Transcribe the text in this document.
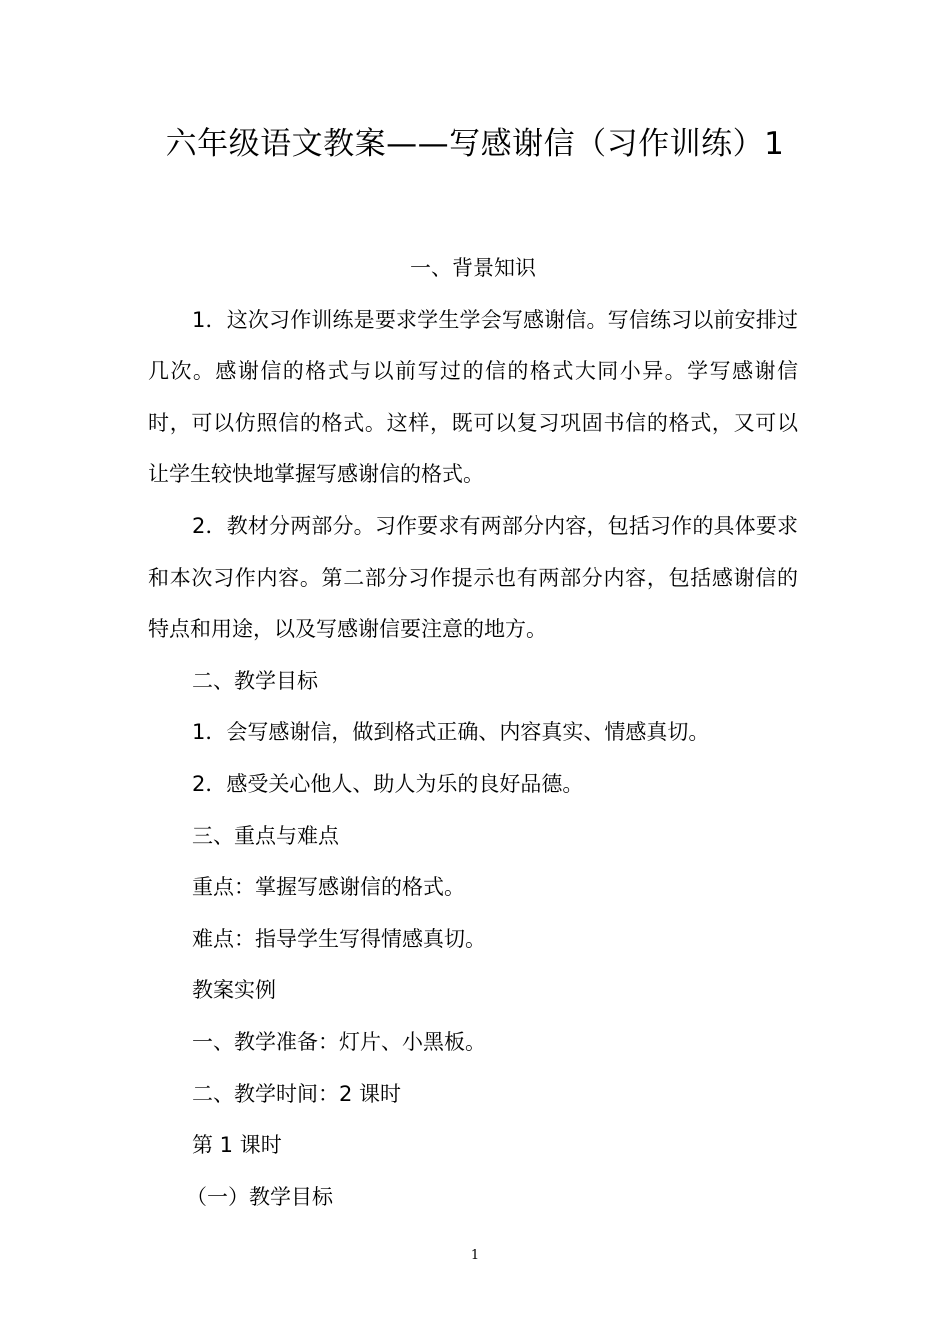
六年级语文教案——写感谢信（习作训练）1

一、背景知识

1．这次习作训练是要求学生学会写感谢信。写信练习以前安排过几次。感谢信的格式与以前写过的信的格式大同小异。学写感谢信时，可以仿照信的格式。这样，既可以复习巩固书信的格式，又可以让学生较快地掌握写感谢信的格式。

2．教材分两部分。习作要求有两部分内容，包括习作的具体要求和本次习作内容。第二部分习作提示也有两部分内容，包括感谢信的特点和用途，以及写感谢信要注意的地方。

二、教学目标

1．会写感谢信，做到格式正确、内容真实、情感真切。

2．感受关心他人、助人为乐的良好品德。

三、重点与难点

重点：掌握写感谢信的格式。

难点：指导学生写得情感真切。

教案实例

一、教学准备：灯片、小黑板。

二、教学时间：2 课时

第 1 课时

（一）教学目标

1
